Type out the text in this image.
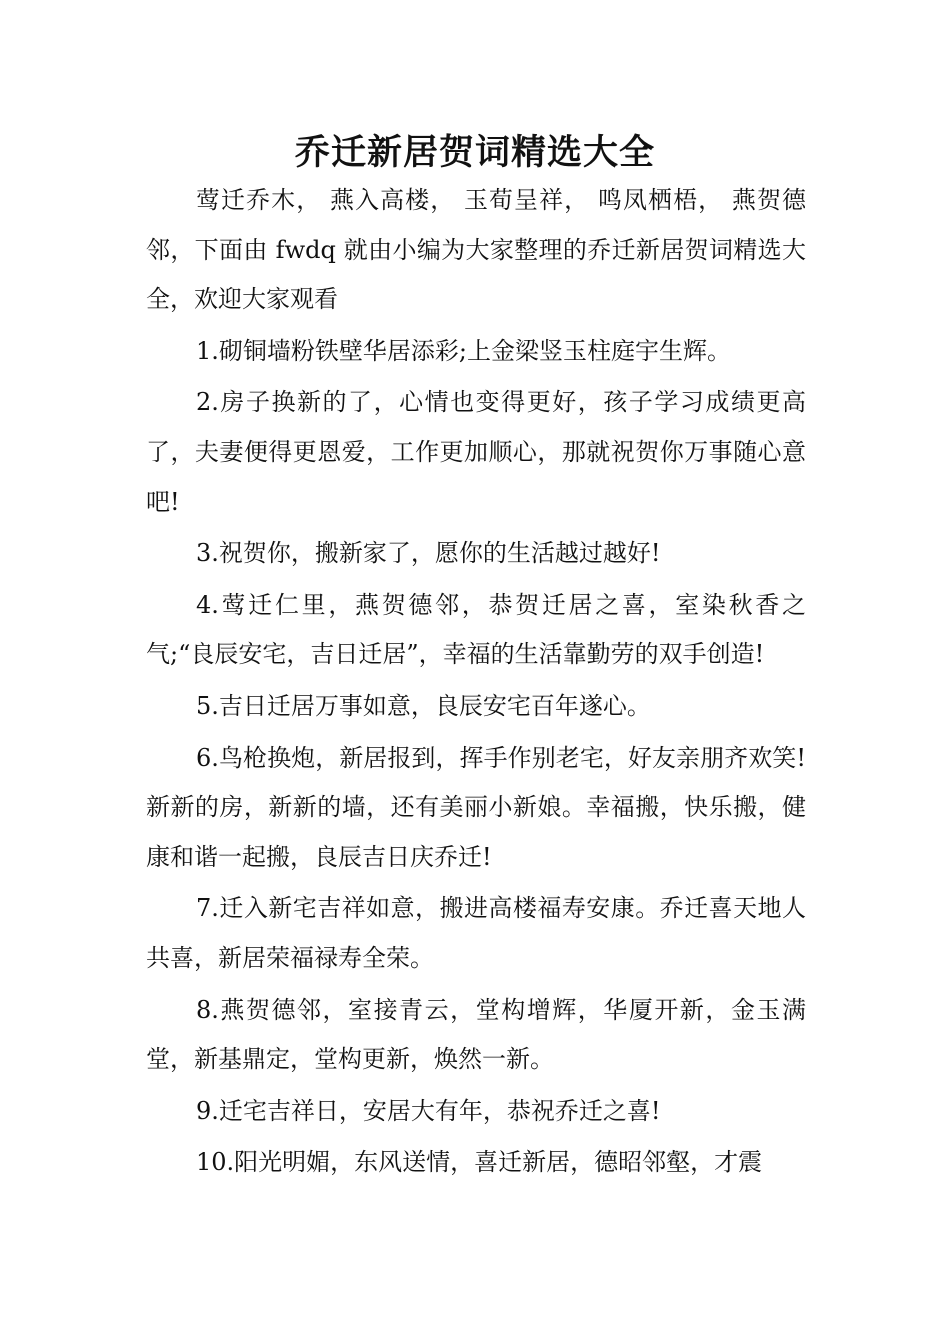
乔迁新居贺词精选大全

莺迁乔木， 燕入高楼， 玉荀呈祥， 鸣凤栖梧， 燕贺德邻，下面由 fwdq 就由小编为大家整理的乔迁新居贺词精选大全，欢迎大家观看

1.砌铜墙粉铁壁华居添彩;上金梁竖玉柱庭宇生辉。

2.房子换新的了，心情也变得更好，孩子学习成绩更高了，夫妻便得更恩爱，工作更加顺心，那就祝贺你万事随心意吧!

3.祝贺你，搬新家了，愿你的生活越过越好!

4.莺迁仁里，燕贺德邻，恭贺迁居之喜，室染秋香之气;“良辰安宅，吉日迁居”，幸福的生活靠勤劳的双手创造!

5.吉日迁居万事如意，良辰安宅百年遂心。

6.鸟枪换炮，新居报到，挥手作别老宅，好友亲朋齐欢笑!新新的房，新新的墙，还有美丽小新娘。幸福搬，快乐搬，健康和谐一起搬，良辰吉日庆乔迁!

7.迁入新宅吉祥如意，搬进高楼福寿安康。乔迁喜天地人共喜，新居荣福禄寿全荣。

8.燕贺德邻，室接青云，堂构增辉，华厦开新，金玉满堂，新基鼎定，堂构更新，焕然一新。

9.迁宅吉祥日，安居大有年，恭祝乔迁之喜!

10.阳光明媚，东风送情，喜迁新居，德昭邻壑，才震
